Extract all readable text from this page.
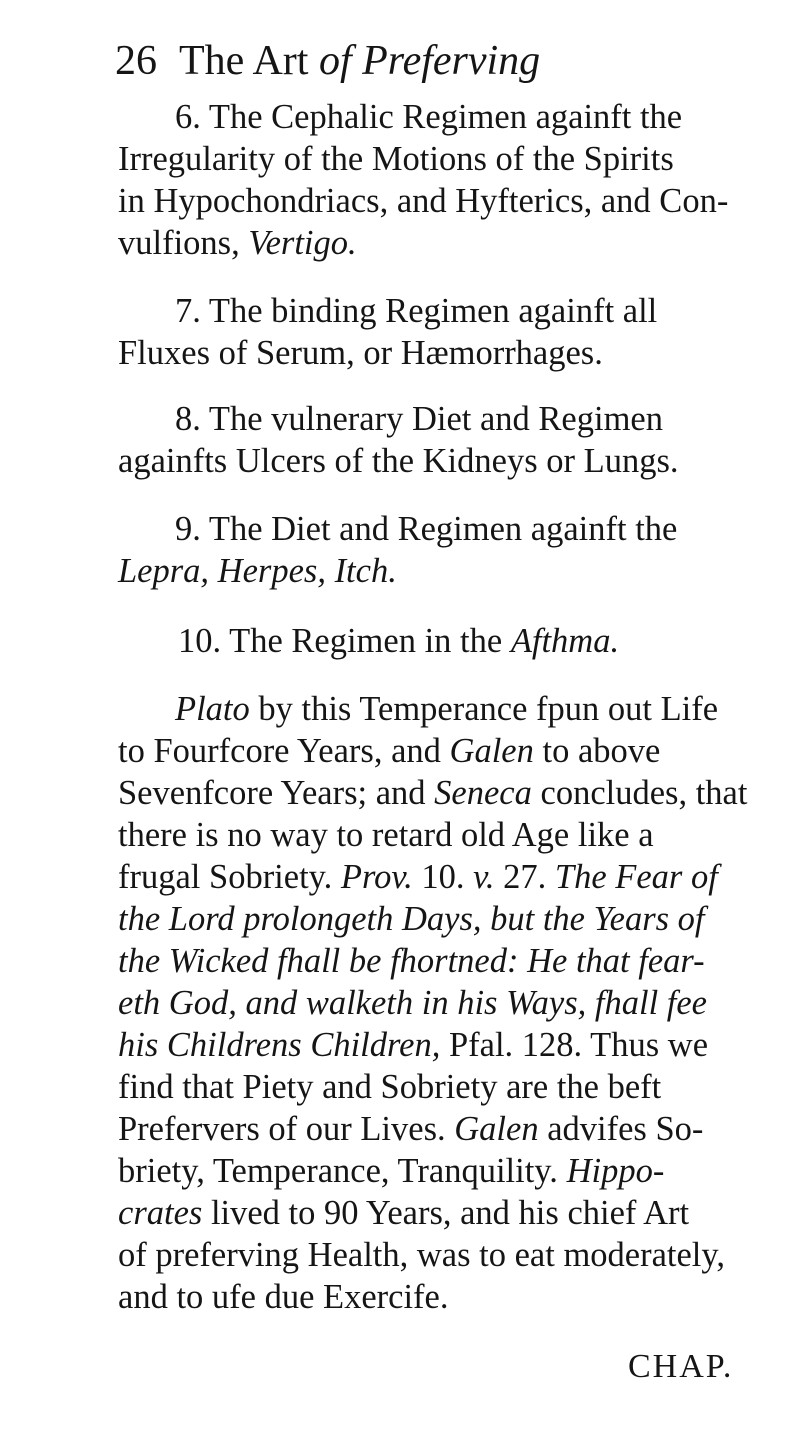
26 The Art of Preferving
6. The Cephalic Regimen againft the
Irregularity of the Motions of the Spirits
in Hypochondriacs, and Hyfterics, and Con-
vulfions, Vertigo.
7. The binding Regimen againft all
Fluxes of Serum, or Hæmorrhages.
8. The vulnerary Diet and Regimen
againfts Ulcers of the Kidneys or Lungs.
9. The Diet and Regimen againft the
Lepra, Herpes, Itch.
10. The Regimen in the Afthma.
Plato by this Temperance fpun out Life
to Fourfcore Years, and Galen to above
Sevenfcore Years; and Seneca concludes, that
there is no way to retard old Age like a
frugal Sobriety. Prov. 10. v. 27. The Fear of
the Lord prolongeth Days, but the Years of
the Wicked fhall be fhortned: He that fear-
eth God, and walketh in his Ways, fhall fee
his Childrens Children, Pfal. 128. Thus we
find that Piety and Sobriety are the beft
Prefervers of our Lives. Galen advifes So-
briety, Temperance, Tranquility. Hippo-
crates lived to 90 Years, and his chief Art
of preferving Health, was to eat moderately,
and to ufe due Exercife.
CHAP.
